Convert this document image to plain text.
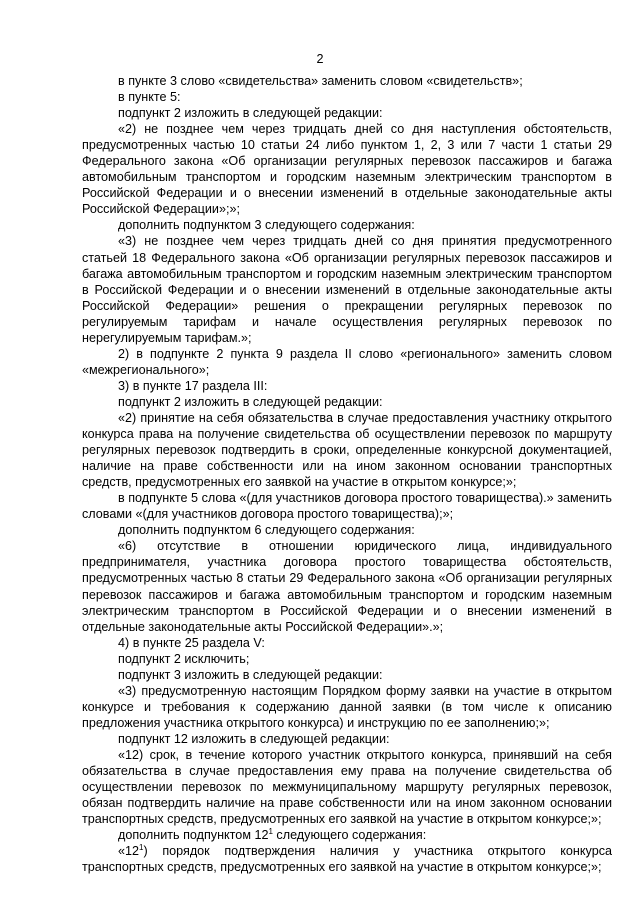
2

в пункте 3 слово «свидетельства» заменить словом «свидетельств»;

в пункте 5:

подпункт 2 изложить в следующей редакции:

«2) не позднее чем через тридцать дней со дня наступления обстоятельств, предусмотренных частью 10 статьи 24 либо пунктом 1, 2, 3 или 7 части 1 статьи 29 Федерального закона «Об организации регулярных перевозок пассажиров и багажа автомобильным транспортом и городским наземным электрическим транспортом в Российской Федерации и о внесении изменений в отдельные законодательные акты Российской Федерации»;»;

дополнить подпунктом 3 следующего содержания:

«3) не позднее чем через тридцать дней со дня принятия предусмотренного статьей 18 Федерального закона «Об организации регулярных перевозок пассажиров и багажа автомобильным транспортом и городским наземным электрическим транспортом в Российской Федерации и о внесении изменений в отдельные законодательные акты Российской Федерации» решения о прекращении регулярных перевозок по регулируемым тарифам и начале осуществления регулярных перевозок по нерегулируемым тарифам.»;

2) в подпункте 2 пункта 9 раздела II слово «регионального» заменить словом «межрегионального»;

3) в пункте 17 раздела III:

подпункт 2 изложить в следующей редакции:

«2) принятие на себя обязательства в случае предоставления участнику открытого конкурса права на получение свидетельства об осуществлении перевозок по маршруту регулярных перевозок подтвердить в сроки, определенные конкурсной документацией, наличие на праве собственности или на ином законном основании транспортных средств, предусмотренных его заявкой на участие в открытом конкурсе;»;

в подпункте 5 слова «(для участников договора простого товарищества).» заменить словами «(для участников договора простого товарищества);»;

дополнить подпунктом 6 следующего содержания:

«6) отсутствие в отношении юридического лица, индивидуального предпринимателя, участника договора простого товарищества обстоятельств, предусмотренных частью 8 статьи 29 Федерального закона «Об организации регулярных перевозок пассажиров и багажа автомобильным транспортом и городским наземным электрическим транспортом в Российской Федерации и о внесении изменений в отдельные законодательные акты Российской Федерации».»;

4) в пункте 25 раздела V:

подпункт 2 исключить;

подпункт 3 изложить в следующей редакции:

«3) предусмотренную настоящим Порядком форму заявки на участие в открытом конкурсе и требования к содержанию данной заявки (в том числе к описанию предложения участника открытого конкурса) и инструкцию по ее заполнению;»;

подпункт 12 изложить в следующей редакции:

«12) срок, в течение которого участник открытого конкурса, принявший на себя обязательства в случае предоставления ему права на получение свидетельства об осуществлении перевозок по межмуниципальному маршруту регулярных перевозок, обязан подтвердить наличие на праве собственности или на ином законном основании транспортных средств, предусмотренных его заявкой на участие в открытом конкурсе;»;

дополнить подпунктом $12^1$ следующего содержания:

«$12^1$) порядок подтверждения наличия у участника открытого конкурса транспортных средств, предусмотренных его заявкой на участие в открытом конкурсе;»;
